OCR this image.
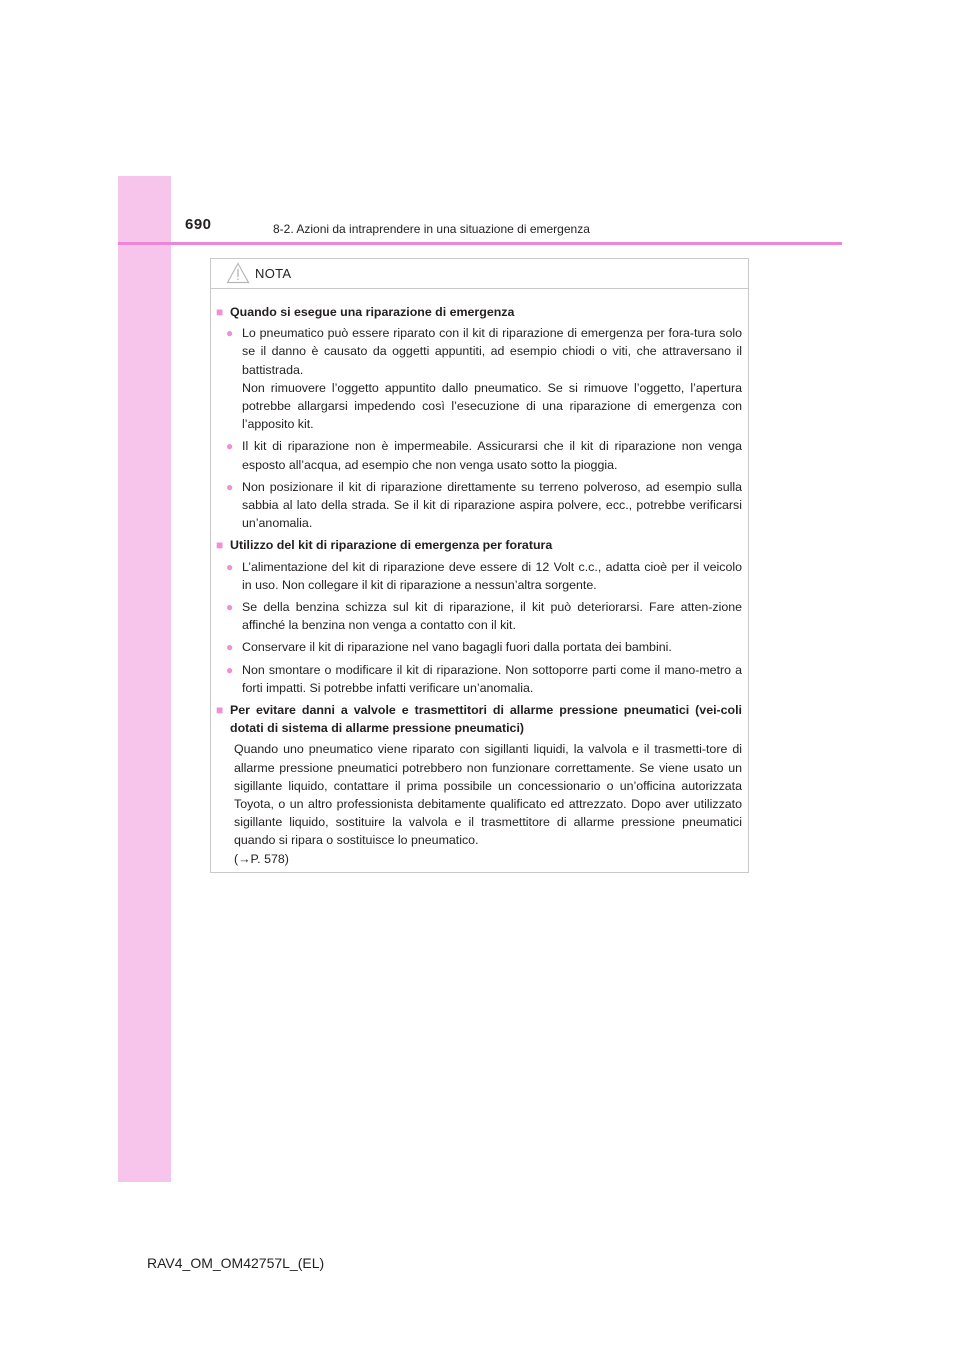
690	8-2. Azioni da intraprendere in una situazione di emergenza
NOTA
■ Quando si esegue una riparazione di emergenza
● Lo pneumatico può essere riparato con il kit di riparazione di emergenza per fora-tura solo se il danno è causato da oggetti appuntiti, ad esempio chiodi o viti, che attraversano il battistrada.
Non rimuovere l’oggetto appuntito dallo pneumatico. Se si rimuove l’oggetto, l’apertura potrebbe allargarsi impedendo così l’esecuzione di una riparazione di emergenza con l’apposito kit.
● Il kit di riparazione non è impermeabile. Assicurarsi che il kit di riparazione non venga esposto all’acqua, ad esempio che non venga usato sotto la pioggia.
● Non posizionare il kit di riparazione direttamente su terreno polveroso, ad esempio sulla sabbia al lato della strada. Se il kit di riparazione aspira polvere, ecc., potrebbe verificarsi un’anomalia.
■ Utilizzo del kit di riparazione di emergenza per foratura
● L’alimentazione del kit di riparazione deve essere di 12 Volt c.c., adatta cioè per il veicolo in uso. Non collegare il kit di riparazione a nessun’altra sorgente.
● Se della benzina schizza sul kit di riparazione, il kit può deteriorarsi. Fare atten-zione affinché la benzina non venga a contatto con il kit.
● Conservare il kit di riparazione nel vano bagagli fuori dalla portata dei bambini.
● Non smontare o modificare il kit di riparazione. Non sottoporre parti come il mano-metro a forti impatti. Si potrebbe infatti verificare un’anomalia.
■ Per evitare danni a valvole e trasmettitori di allarme pressione pneumatici (vei-coli dotati di sistema di allarme pressione pneumatici)
Quando uno pneumatico viene riparato con sigillanti liquidi, la valvola e il trasmetti-tore di allarme pressione pneumatici potrebbero non funzionare correttamente. Se viene usato un sigillante liquido, contattare il prima possibile un concessionario o un’officina autorizzata Toyota, o un altro professionista debitamente qualificato ed attrezzato. Dopo aver utilizzato sigillante liquido, sostituire la valvola e il trasmettitore di allarme pressione pneumatici quando si ripara o sostituisce lo pneumatico.
(→P. 578)
RAV4_OM_OM42757L_(EL)
